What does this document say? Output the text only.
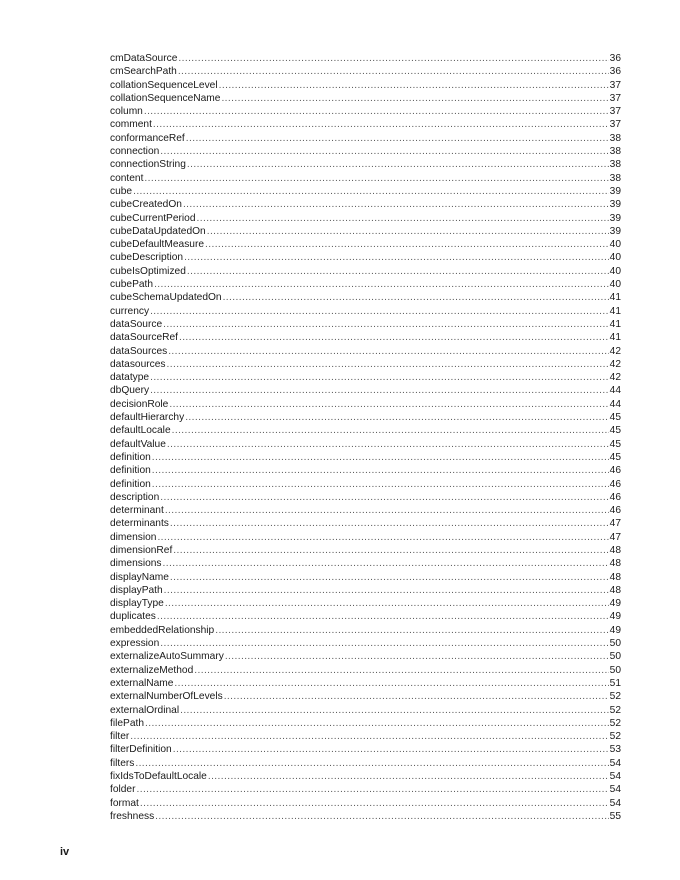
cmDataSource .....	36
cmSearchPath .....	36
collationSequenceLevel .....	37
collationSequenceName .....	37
column .....	37
comment .....	37
conformanceRef .....	38
connection .....	38
connectionString .....	38
content .....	38
cube .....	39
cubeCreatedOn .....	39
cubeCurrentPeriod .....	39
cubeDataUpdatedOn .....	39
cubeDefaultMeasure .....	40
cubeDescription .....	40
cubeIsOptimized .....	40
cubePath .....	40
cubeSchemaUpdatedOn .....	41
currency .....	41
dataSource .....	41
dataSourceRef .....	41
dataSources .....	42
datasources .....	42
datatype .....	42
dbQuery .....	44
decisionRole .....	44
defaultHierarchy .....	45
defaultLocale .....	45
defaultValue .....	45
definition .....	45
definition .....	46
definition .....	46
description .....	46
determinant .....	46
determinants .....	47
dimension .....	47
dimensionRef .....	48
dimensions .....	48
displayName .....	48
displayPath .....	48
displayType .....	49
duplicates .....	49
embeddedRelationship .....	49
expression .....	50
externalizeAutoSummary .....	50
externalizeMethod .....	50
externalName .....	51
externalNumberOfLevels .....	52
externalOrdinal .....	52
filePath .....	52
filter .....	52
filterDefinition .....	53
filters .....	54
fixIdsToDefaultLocale .....	54
folder .....	54
format .....	54
freshness .....	55
iv
